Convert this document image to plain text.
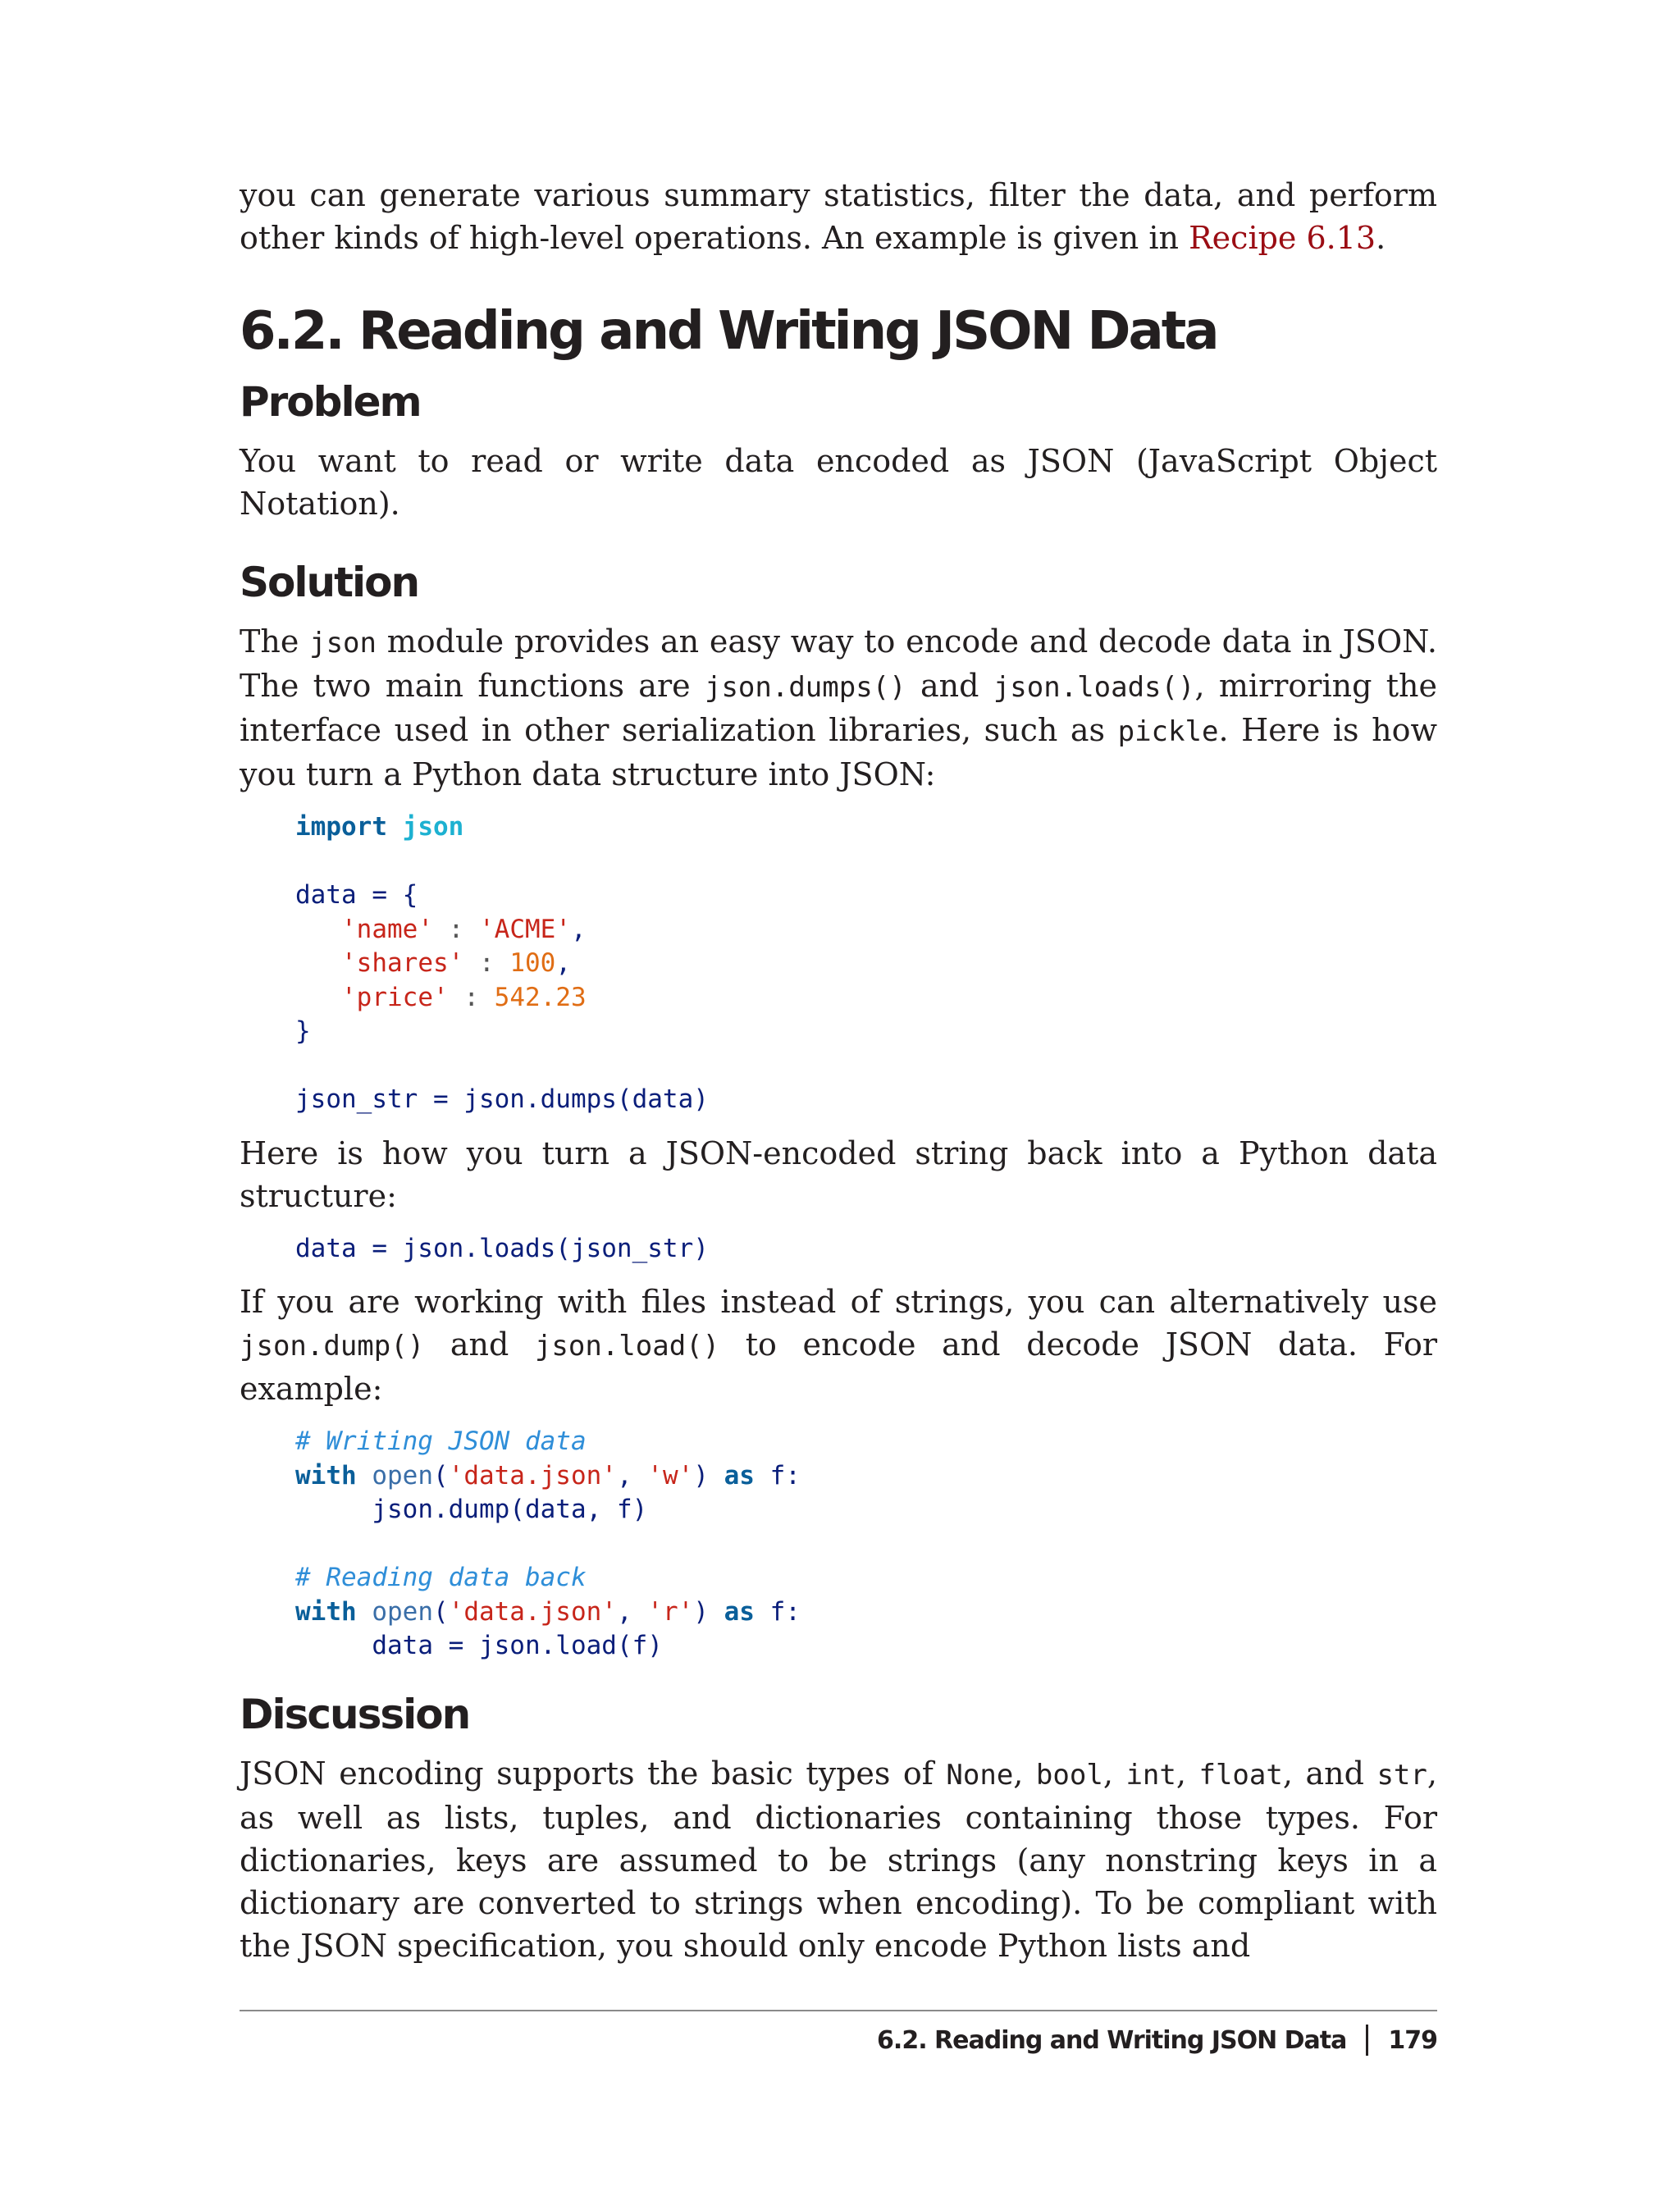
you can generate various summary statistics, filter the data, and perform other kinds of high-level operations. An example is given in Recipe 6.13.

6.2. Reading and Writing JSON Data
Problem

You want to read or write data encoded as JSON (JavaScript Object Notation).

Solution

The json module provides an easy way to encode and decode data in JSON. The two main functions are json.dumps() and json.loads(), mirroring the interface used in other serialization libraries, such as pickle. Here is how you turn a Python data structure into JSON:

import json

data = {
'name' : 'ACME',
'shares' : 100,
'price' : 542.23
}

json_str = json.dumps(data)

Here is how you turn a JSON-encoded string back into a Python data structure:

data = json.loads(json_str)

If you are working with files instead of strings, you can alternatively use json.dump() and json.load() to encode and decode JSON data. For example:

# Writing JSON data
with open('data.json', 'w') as f:
json.dump(data, f)

# Reading data back
with open('data.json', 'r') as f:
data = json.load(f)
Discussion

JSON encoding supports the basic types of None, bool, int, float, and str, as well as lists, tuples, and dictionaries containing those types. For dictionaries, keys are assumed to be strings (any nonstring keys in a dictionary are converted to strings when encoding). To be compliant with the JSON specification, you should only encode Python lists and

6.2. Reading and Writing JSON Data 179
